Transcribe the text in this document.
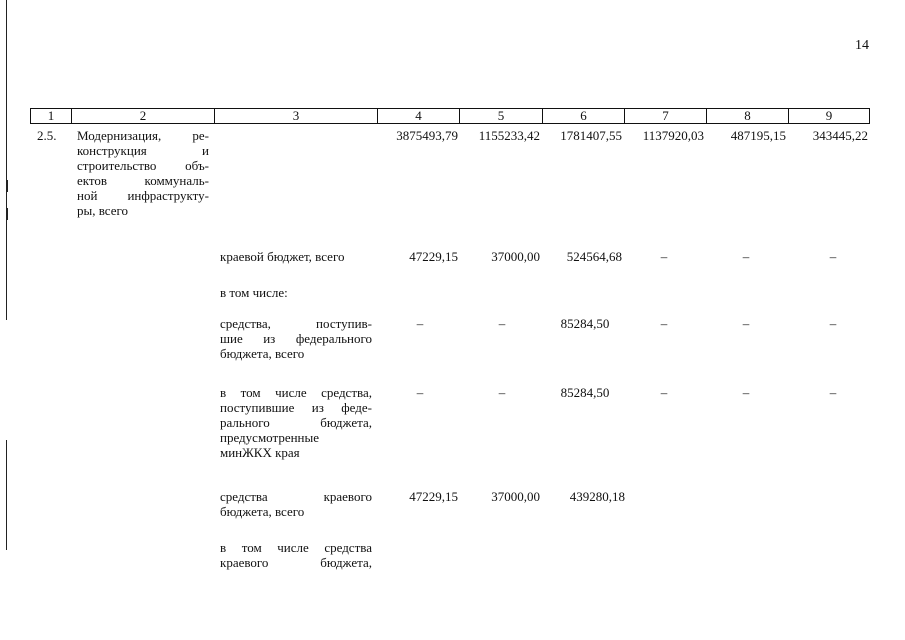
14
1	2	3	4	5	6	7	8	9
2.5. Модернизация, ре-
конструкция и
строительство объ-
ектов коммуналь-
ной инфраструкту-
ры, всего
3875493,79	1155233,42	1781407,55	1137920,03	487195,15	343445,22
краевой бюджет, всего	47229,15	37000,00	524564,68	–	–	–
в том числе:
средства, поступив-
шие из федерального
бюджета, всего
–	–	85284,50	–	–	–
в том числе средства,
поступившие из феде-
рального бюджета,
предусмотренные
минЖКХ края
–	–	85284,50	–	–	–
средства краевого
бюджета, всего
47229,15	37000,00	439280,18
в том числе средства
краевого бюджета,
